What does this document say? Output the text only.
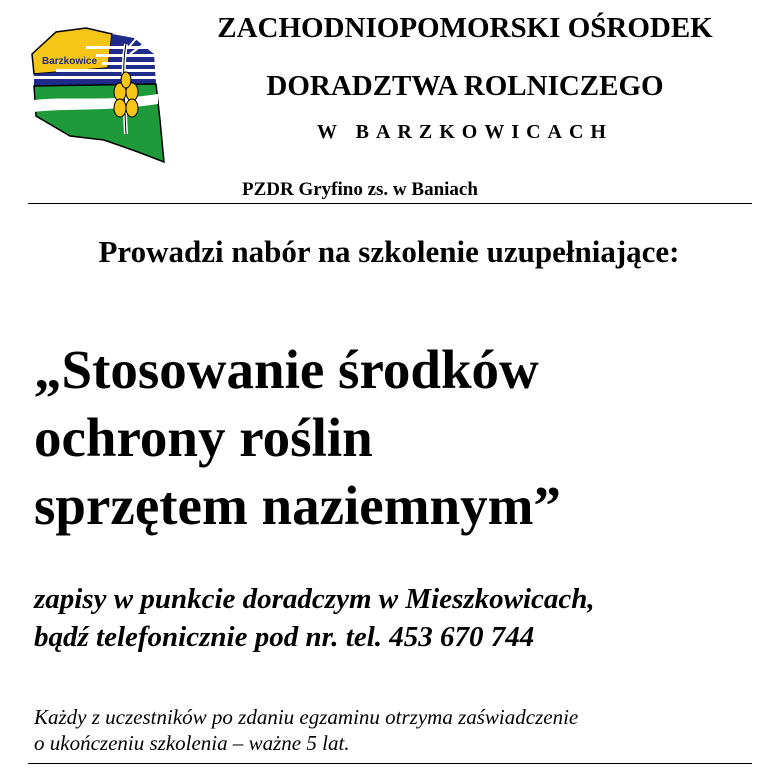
Barzkowice
ZACHODNIOPOMORSKI OŚRODEK
DORADZTWA ROLNICZEGO
W BARZKOWICACH
PZDR Gryfino zs. w Baniach
Prowadzi nabór na szkolenie uzupełniające:
„Stosowanie środków
ochrony roślin
sprzętem naziemnym”
zapisy w punkcie doradczym w Mieszkowicach,
bądź telefonicznie pod nr. tel. 453 670 744
Każdy z uczestników po zdaniu egzaminu otrzyma zaświadczenie
o ukończeniu szkolenia – ważne 5 lat.
